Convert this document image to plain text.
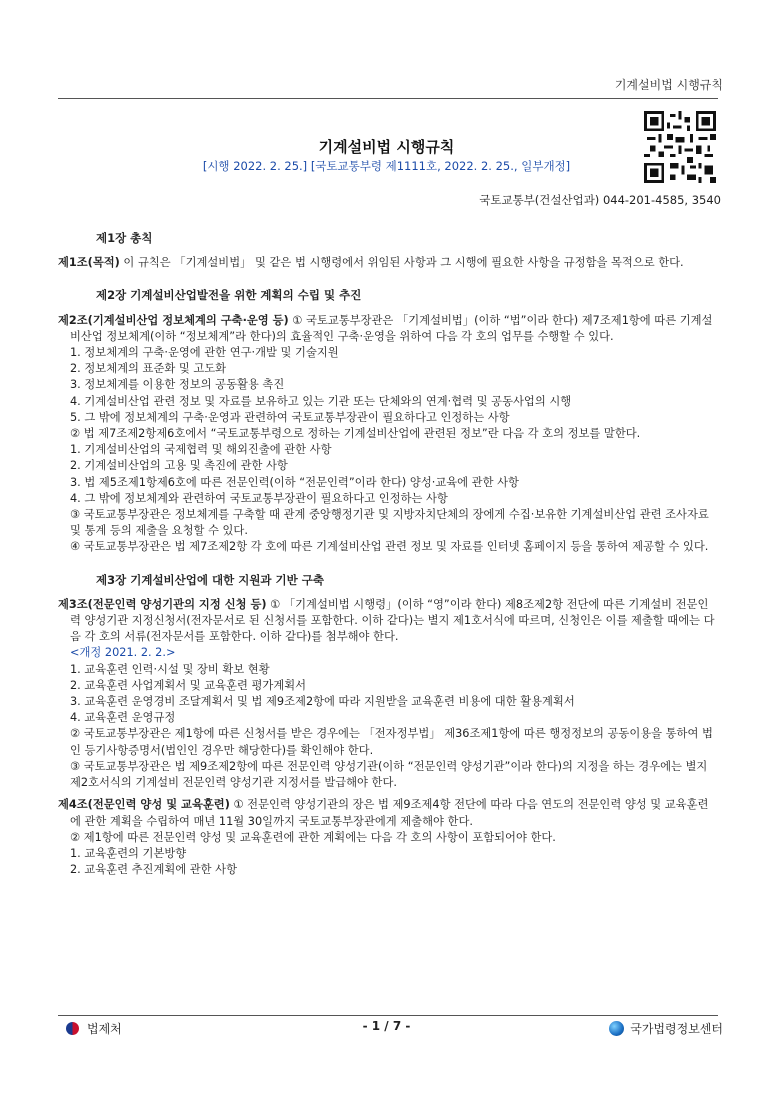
기계설비법 시행규칙
기계설비법 시행규칙
[시행 2022. 2. 25.] [국토교통부령 제1111호, 2022. 2. 25., 일부개정]
국토교통부(건설산업과) 044-201-4585, 3540

제1장 총칙

제1조(목적) 이 규칙은 「기계설비법」 및 같은 법 시행령에서 위임된 사항과 그 시행에 필요한 사항을 규정함을 목적으로 한다.

제2장 기계설비산업발전을 위한 계획의 수립 및 추진

제2조(기계설비산업 정보체계의 구축·운영 등) ① 국토교통부장관은 「기계설비법」(이하 “법”이라 한다) 제7조제1항에 따른 기계설비산업 정보체계(이하 “정보체계”라 한다)의 효율적인 구축·운영을 위하여 다음 각 호의 업무를 수행할 수 있다.

1. 정보체계의 구축·운영에 관한 연구·개발 및 기술지원

2. 정보체계의 표준화 및 고도화

3. 정보체계를 이용한 정보의 공동활용 촉진

4. 기계설비산업 관련 정보 및 자료를 보유하고 있는 기관 또는 단체와의 연계·협력 및 공동사업의 시행

5. 그 밖에 정보체계의 구축·운영과 관련하여 국토교통부장관이 필요하다고 인정하는 사항

② 법 제7조제2항제6호에서 “국토교통부령으로 정하는 기계설비산업에 관련된 정보”란 다음 각 호의 정보를 말한다.

1. 기계설비산업의 국제협력 및 해외진출에 관한 사항

2. 기계설비산업의 고용 및 촉진에 관한 사항

3. 법 제5조제1항제6호에 따른 전문인력(이하 “전문인력”이라 한다) 양성·교육에 관한 사항

4. 그 밖에 정보체계와 관련하여 국토교통부장관이 필요하다고 인정하는 사항

③ 국토교통부장관은 정보체계를 구축할 때 관계 중앙행정기관 및 지방자치단체의 장에게 수집·보유한 기계설비산업 관련 조사자료 및 통계 등의 제출을 요청할 수 있다.

④ 국토교통부장관은 법 제7조제2항 각 호에 따른 기계설비산업 관련 정보 및 자료를 인터넷 홈페이지 등을 통하여 제공할 수 있다.

제3장 기계설비산업에 대한 지원과 기반 구축

제3조(전문인력 양성기관의 지정 신청 등) ① 「기계설비법 시행령」(이하 “영”이라 한다) 제8조제2항 전단에 따른 기계설비 전문인력 양성기관 지정신청서(전자문서로 된 신청서를 포함한다. 이하 같다)는 별지 제1호서식에 따르며, 신청인은 이를 제출할 때에는 다음 각 호의 서류(전자문서를 포함한다. 이하 같다)를 첨부해야 한다.

<개정 2021. 2. 2.>

1. 교육훈련 인력·시설 및 장비 확보 현황

2. 교육훈련 사업계획서 및 교육훈련 평가계획서

3. 교육훈련 운영경비 조달계획서 및 법 제9조제2항에 따라 지원받을 교육훈련 비용에 대한 활용계획서

4. 교육훈련 운영규정

② 국토교통부장관은 제1항에 따른 신청서를 받은 경우에는 「전자정부법」 제36조제1항에 따른 행정정보의 공동이용을 통하여 법인 등기사항증명서(법인인 경우만 해당한다)를 확인해야 한다.

③ 국토교통부장관은 법 제9조제2항에 따른 전문인력 양성기관(이하 “전문인력 양성기관”이라 한다)의 지정을 하는 경우에는 별지 제2호서식의 기계설비 전문인력 양성기관 지정서를 발급해야 한다.

제4조(전문인력 양성 및 교육훈련) ① 전문인력 양성기관의 장은 법 제9조제4항 전단에 따라 다음 연도의 전문인력 양성 및 교육훈련에 관한 계획을 수립하여 매년 11월 30일까지 국토교통부장관에게 제출해야 한다.

② 제1항에 따른 전문인력 양성 및 교육훈련에 관한 계획에는 다음 각 호의 사항이 포함되어야 한다.

1. 교육훈련의 기본방향

2. 교육훈련 추진계획에 관한 사항

법제처	- 1 / 7 -	국가법령정보센터
